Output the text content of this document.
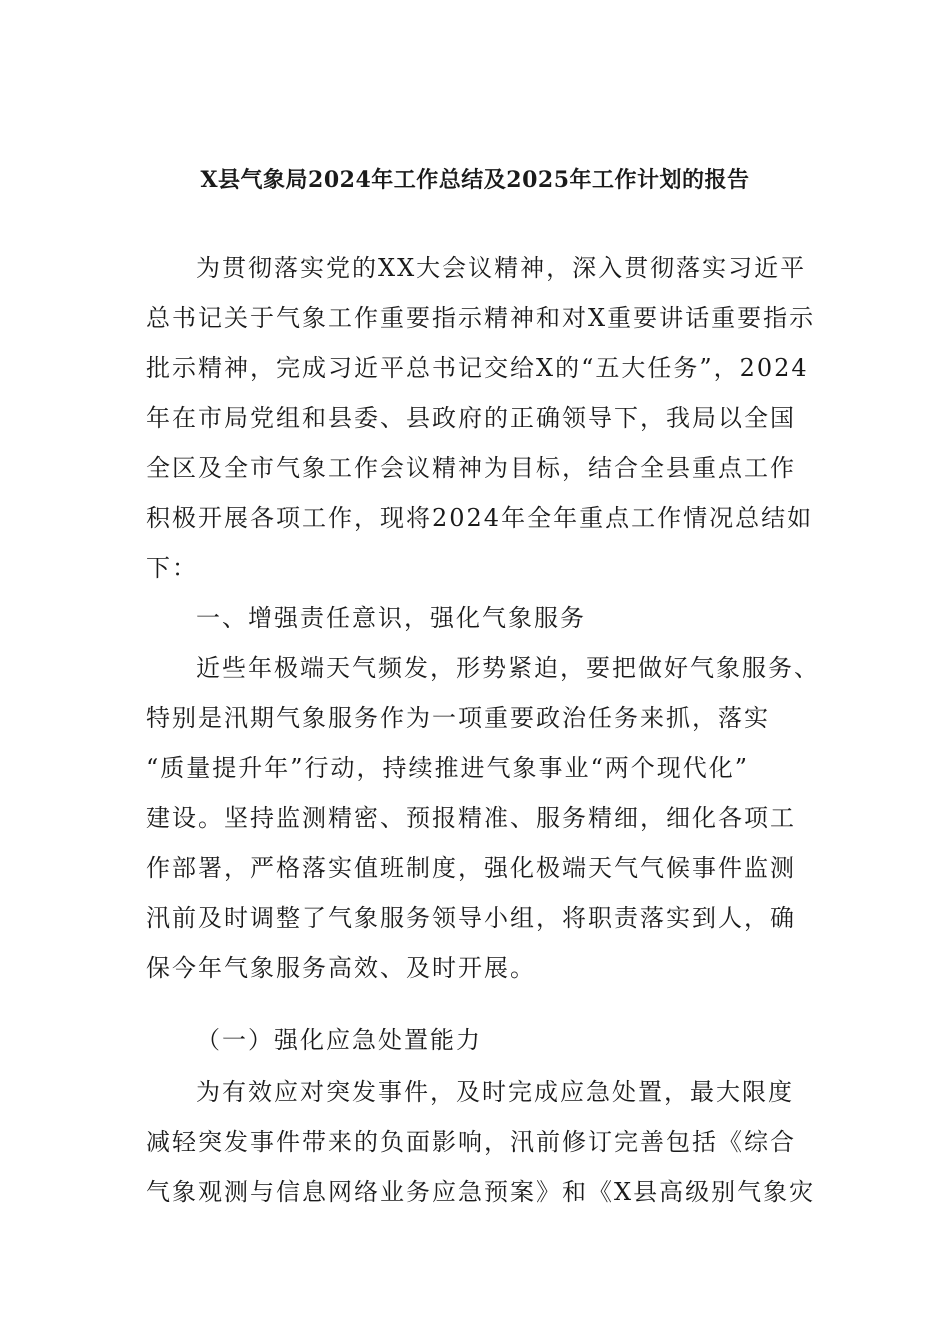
X县气象局2024年工作总结及2025年工作计划的报告
为贯彻落实党的XX大会议精神，深入贯彻落实习近平
总书记关于气象工作重要指示精神和对X重要讲话重要指示
批示精神，完成习近平总书记交给X的“五大任务”，2024
年在市局党组和县委、县政府的正确领导下，我局以全国
全区及全市气象工作会议精神为目标，结合全县重点工作
积极开展各项工作，现将2024年全年重点工作情况总结如
下：
一、增强责任意识，强化气象服务
近些年极端天气频发，形势紧迫，要把做好气象服务、
特别是汛期气象服务作为一项重要政治任务来抓，落实
“质量提升年”行动，持续推进气象事业“两个现代化”
建设。坚持监测精密、预报精准、服务精细，细化各项工
作部署，严格落实值班制度，强化极端天气气候事件监测
汛前及时调整了气象服务领导小组，将职责落实到人，确
保今年气象服务高效、及时开展。
（一）强化应急处置能力
为有效应对突发事件，及时完成应急处置，最大限度
减轻突发事件带来的负面影响，汛前修订完善包括《综合
气象观测与信息网络业务应急预案》和《X县高级别气象灾
